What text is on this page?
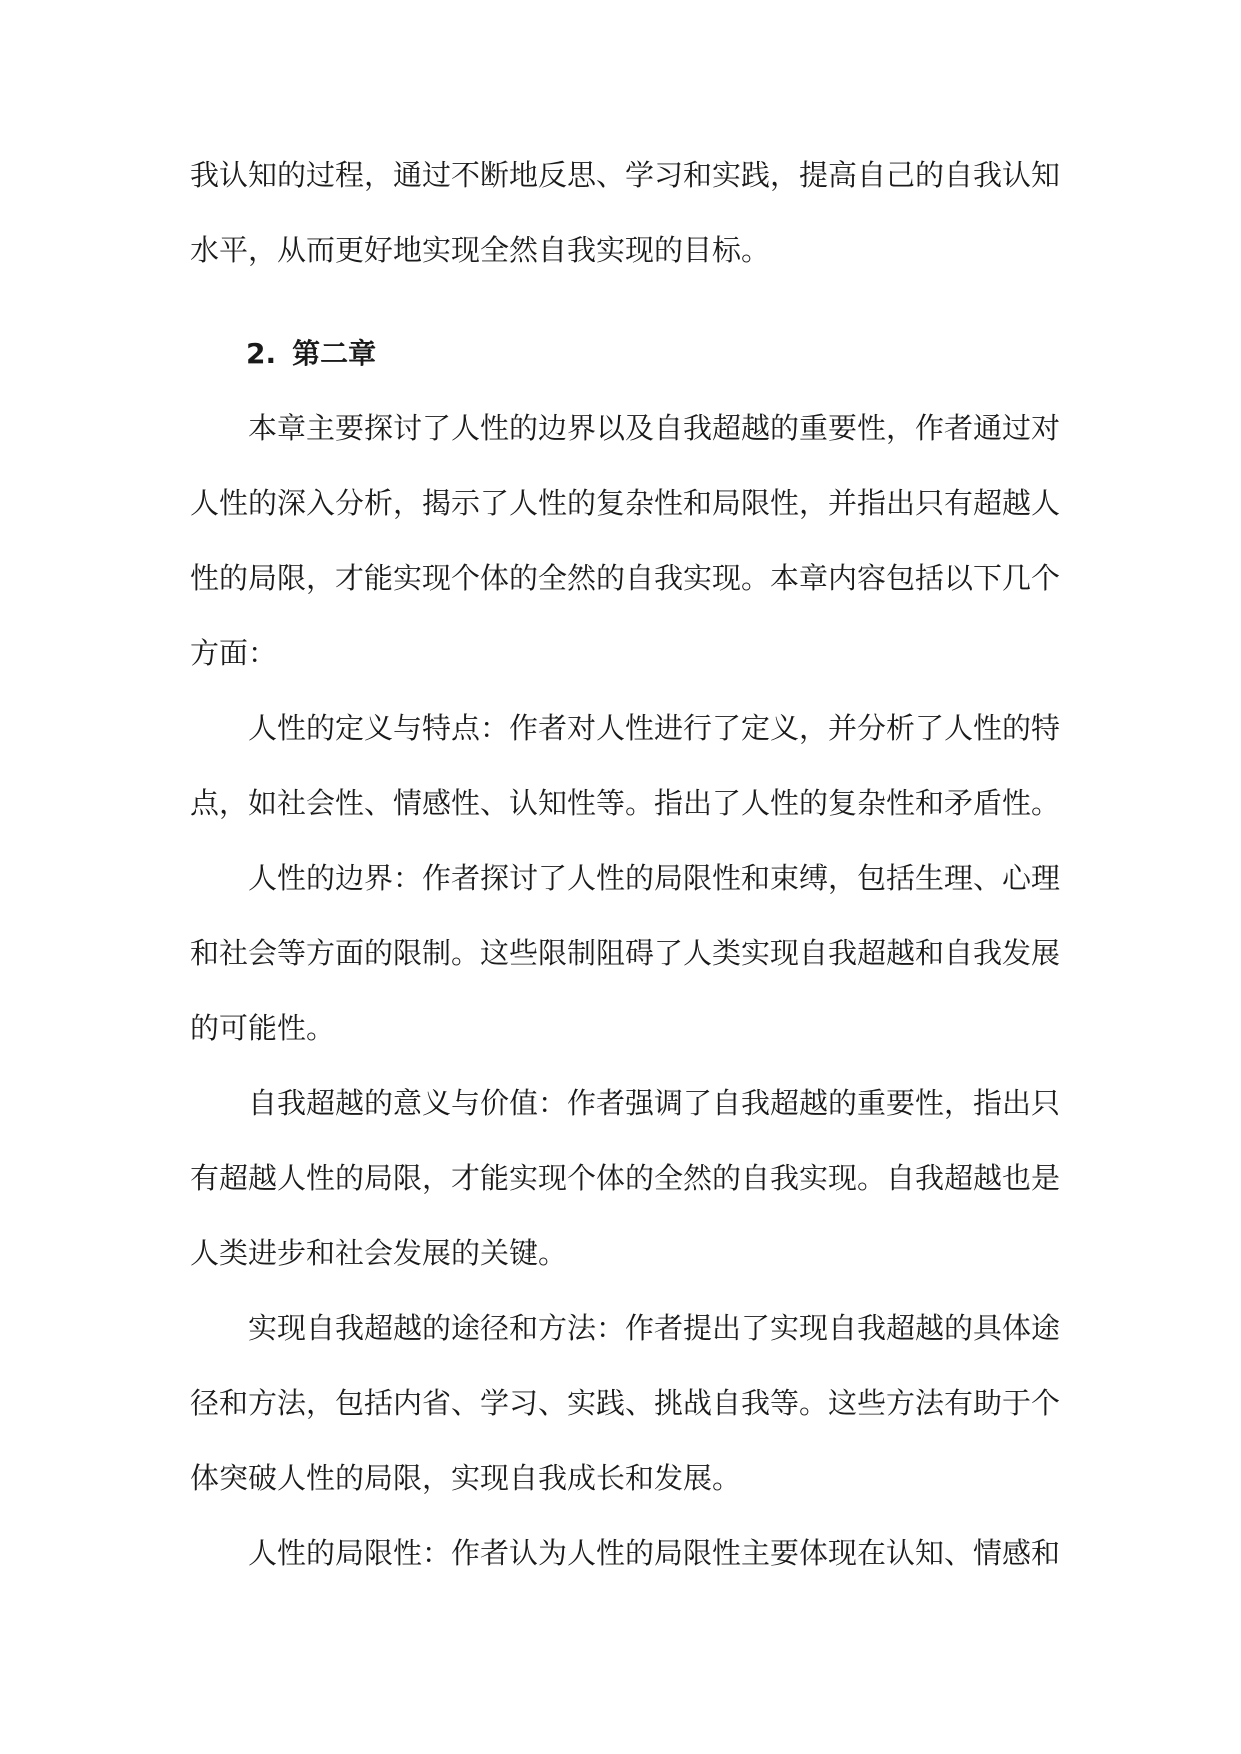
我认知的过程，通过不断地反思、学习和实践，提高自己的自我认知水平，从而更好地实现全然自我实现的目标。

2. 第二章

本章主要探讨了人性的边界以及自我超越的重要性，作者通过对人性的深入分析，揭示了人性的复杂性和局限性，并指出只有超越人性的局限，才能实现个体的全然的自我实现。本章内容包括以下几个方面：

人性的定义与特点：作者对人性进行了定义，并分析了人性的特点，如社会性、情感性、认知性等。指出了人性的复杂性和矛盾性。

人性的边界：作者探讨了人性的局限性和束缚，包括生理、心理和社会等方面的限制。这些限制阻碍了人类实现自我超越和自我发展的可能性。

自我超越的意义与价值：作者强调了自我超越的重要性，指出只有超越人性的局限，才能实现个体的全然的自我实现。自我超越也是人类进步和社会发展的关键。

实现自我超越的途径和方法：作者提出了实现自我超越的具体途径和方法，包括内省、学习、实践、挑战自我等。这些方法有助于个体突破人性的局限，实现自我成长和发展。

人性的局限性：作者认为人性的局限性主要体现在认知、情感和
